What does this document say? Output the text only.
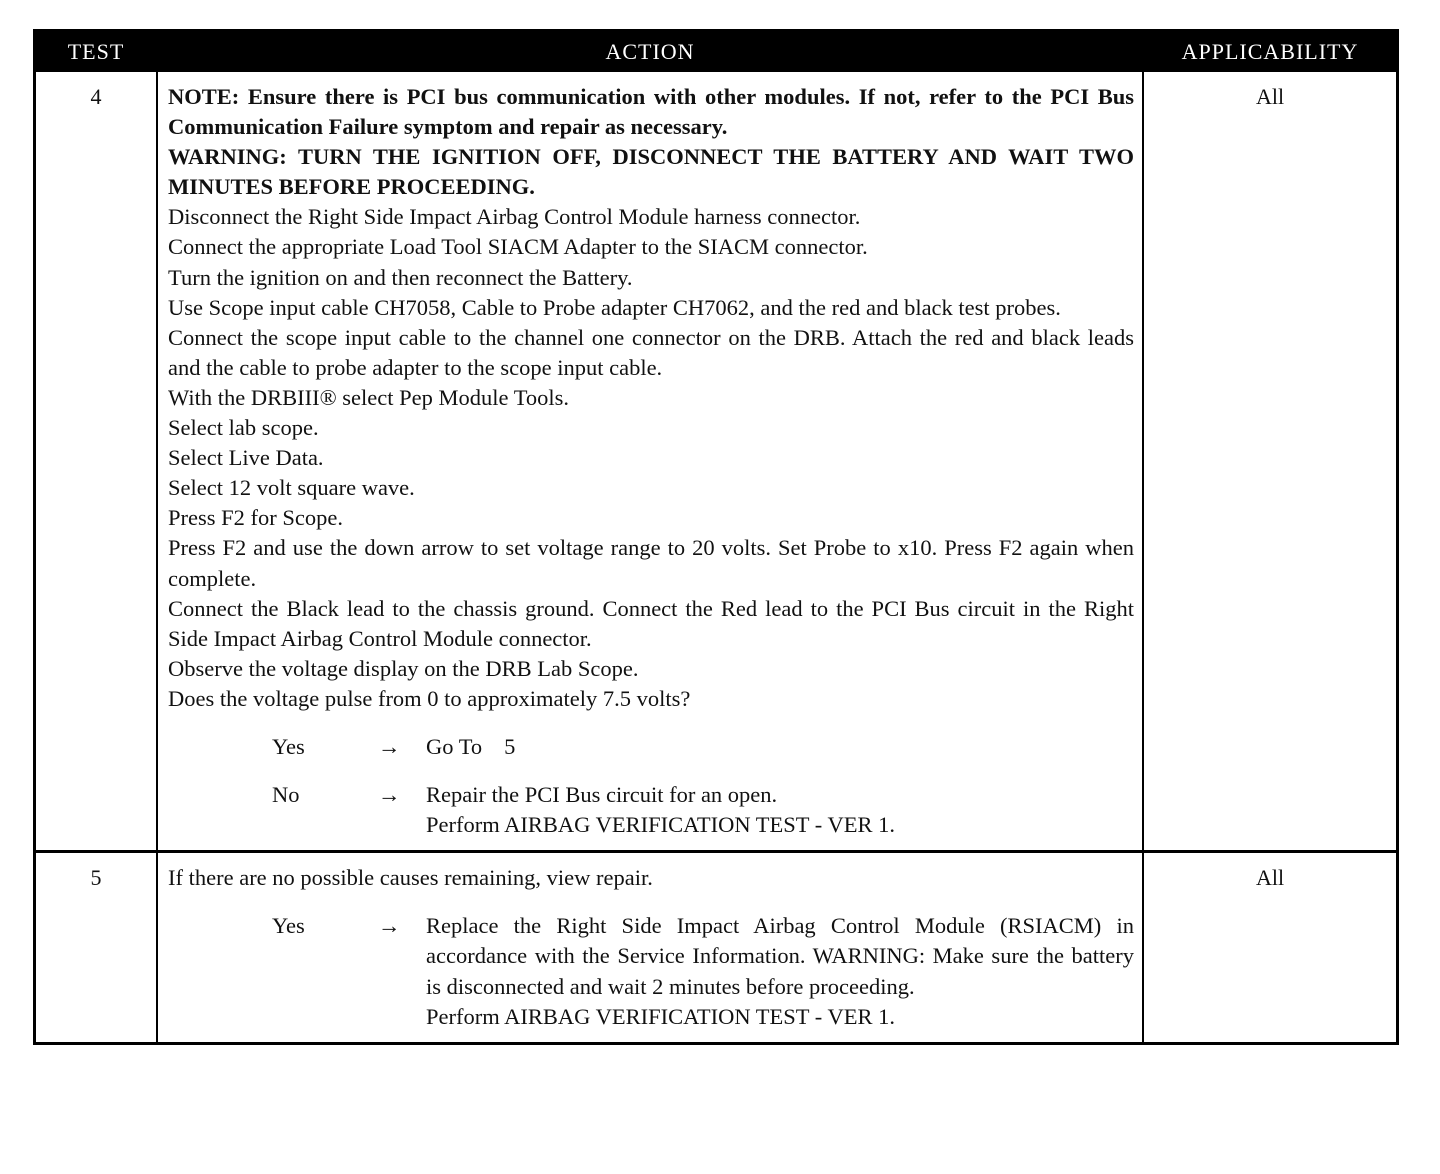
TEST	ACTION	APPLICABILITY
4	NOTE: Ensure there is PCI bus communication with other modules. If not, refer to the PCI Bus Communication Failure symptom and repair as necessary.
WARNING: TURN THE IGNITION OFF, DISCONNECT THE BATTERY AND WAIT TWO MINUTES BEFORE PROCEEDING.
Disconnect the Right Side Impact Airbag Control Module harness connector.
Connect the appropriate Load Tool SIACM Adapter to the SIACM connector.
Turn the ignition on and then reconnect the Battery.
Use Scope input cable CH7058, Cable to Probe adapter CH7062, and the red and black test probes.
Connect the scope input cable to the channel one connector on the DRB. Attach the red and black leads and the cable to probe adapter to the scope input cable.
With the DRBIII® select Pep Module Tools.
Select lab scope.
Select Live Data.
Select 12 volt square wave.
Press F2 for Scope.
Press F2 and use the down arrow to set voltage range to 20 volts. Set Probe to x10. Press F2 again when complete.
Connect the Black lead to the chassis ground. Connect the Red lead to the PCI Bus circuit in the Right Side Impact Airbag Control Module connector.
Observe the voltage display on the DRB Lab Scope.
Does the voltage pulse from 0 to approximately 7.5 volts?
Yes	→	Go To 5
No	→	Repair the PCI Bus circuit for an open.
Perform AIRBAG VERIFICATION TEST - VER 1.
All
5	If there are no possible causes remaining, view repair.
Yes	→	Replace the Right Side Impact Airbag Control Module (RSIACM) in accordance with the Service Information. WARNING: Make sure the battery is disconnected and wait 2 minutes before proceeding.
Perform AIRBAG VERIFICATION TEST - VER 1.
All
